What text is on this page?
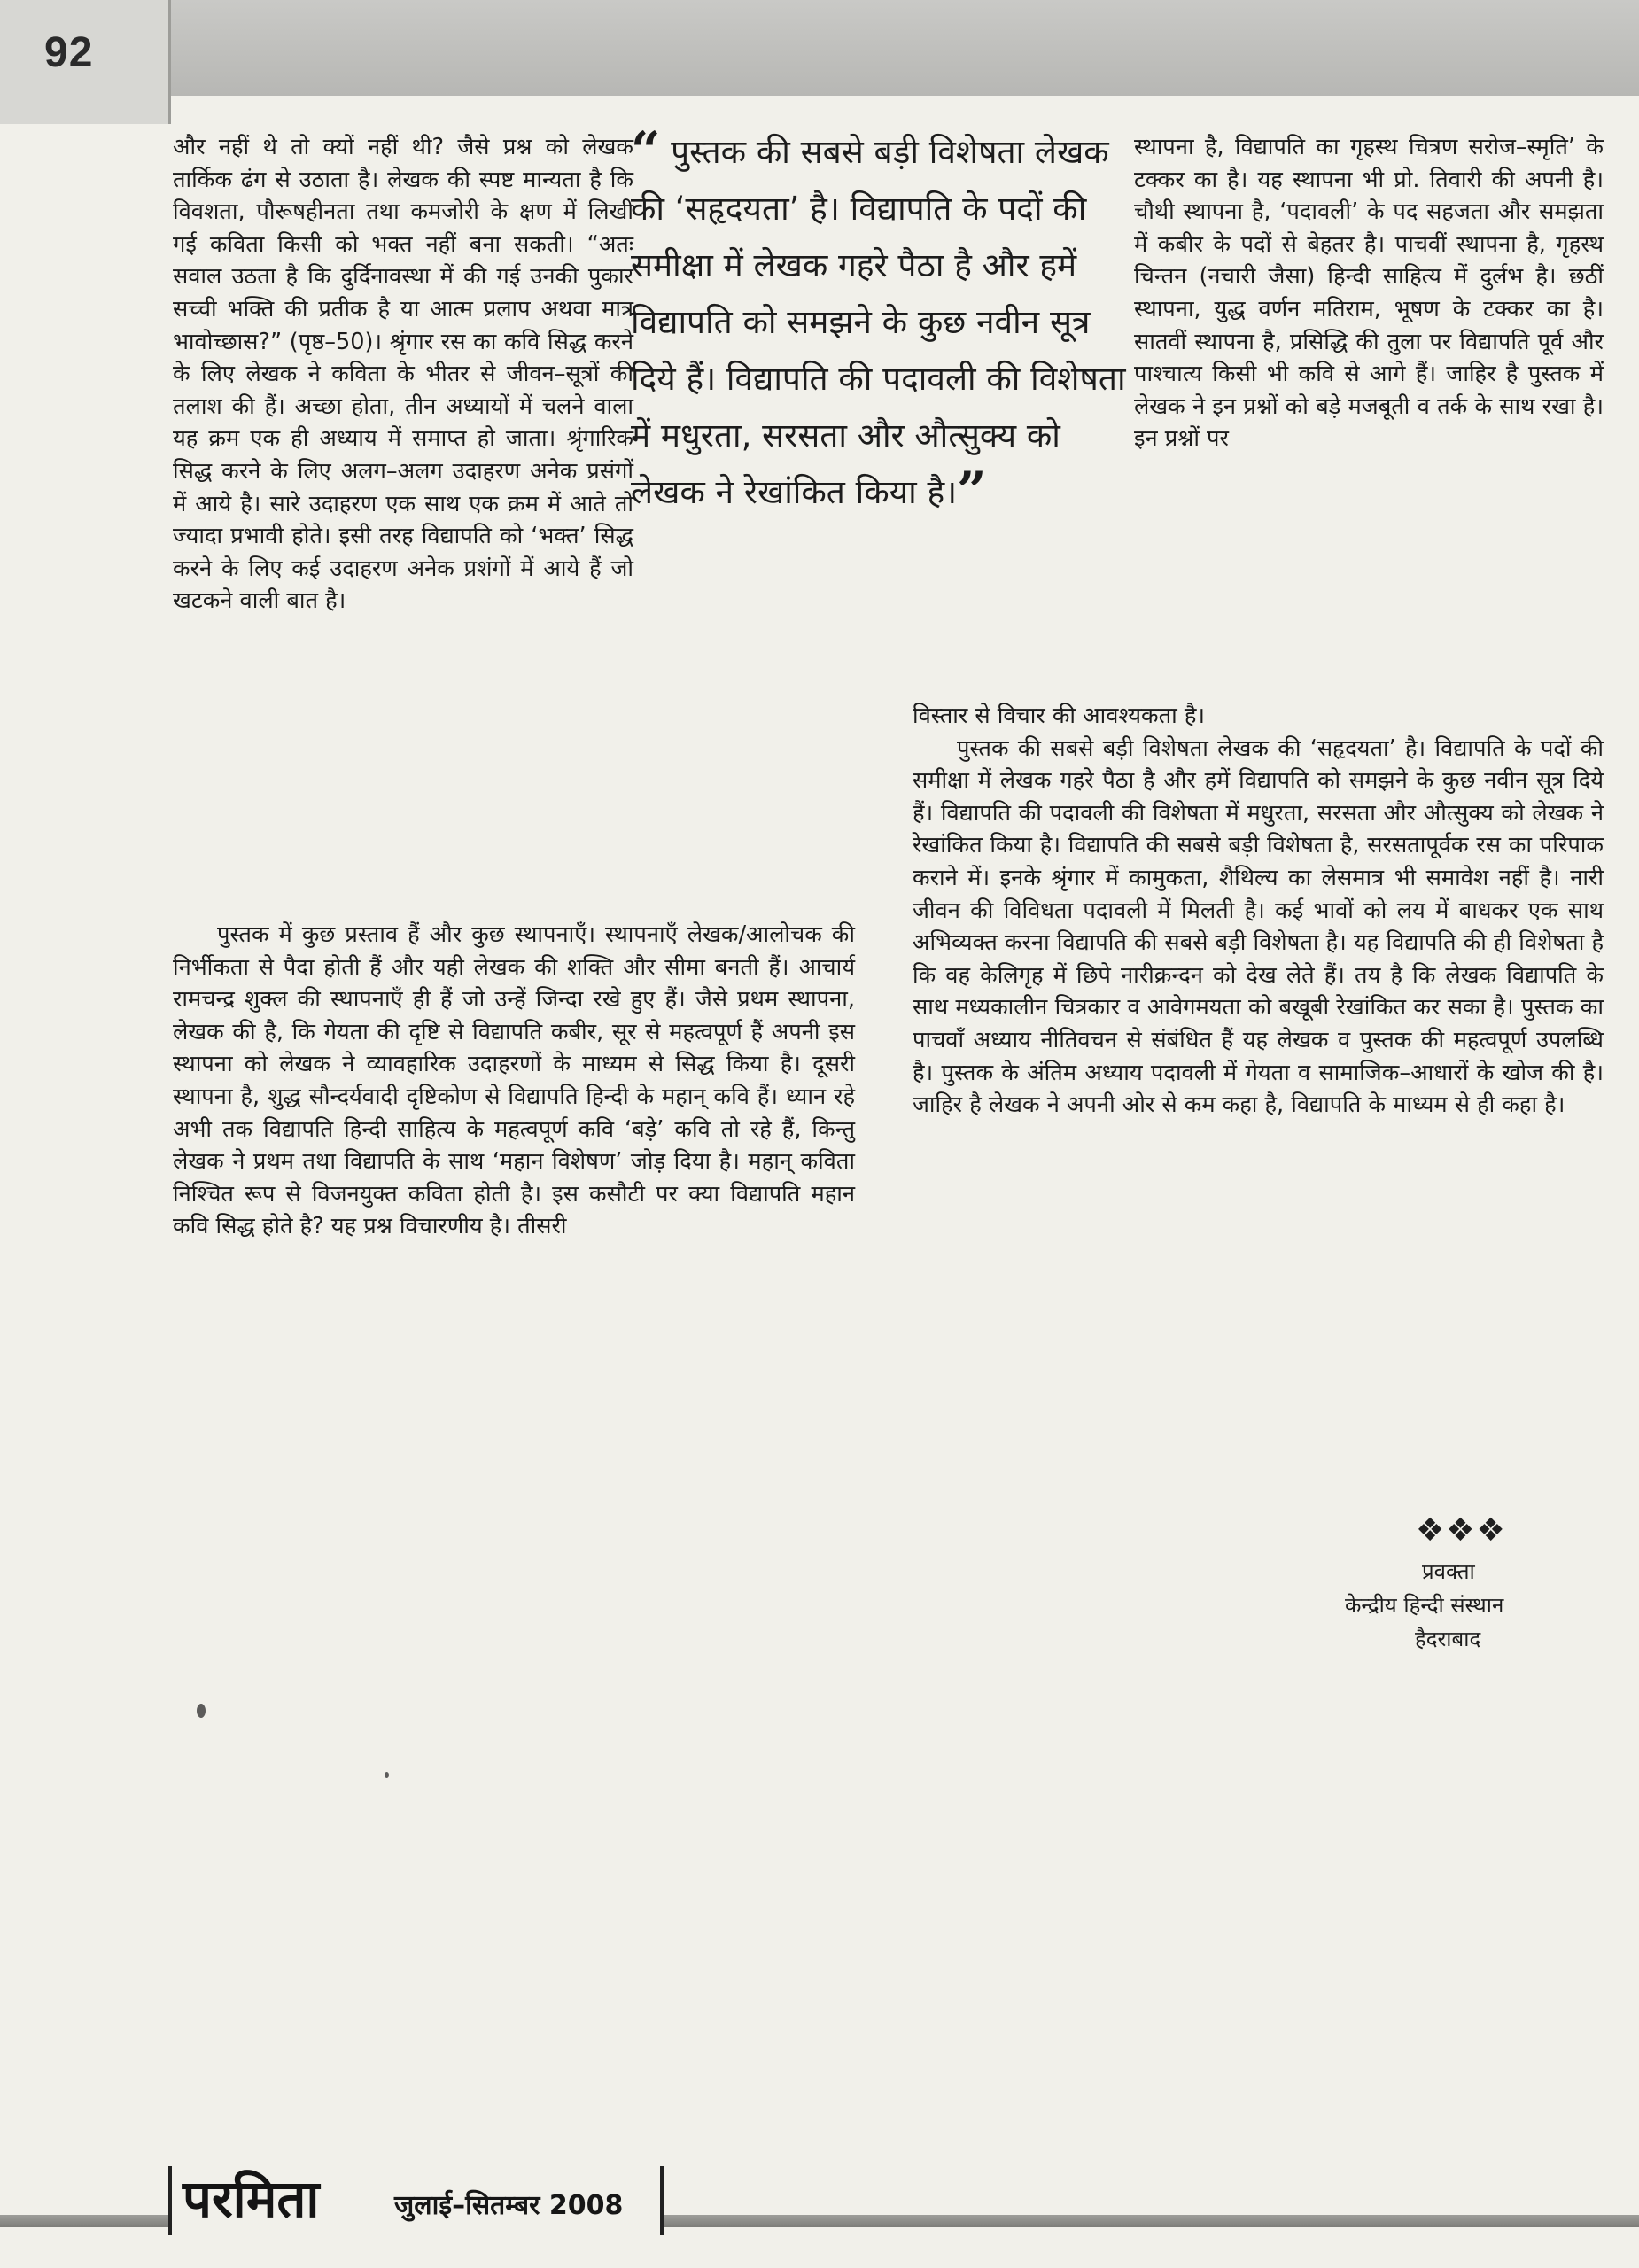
92

और नहीं थे तो क्यों नहीं थी? जैसे प्रश्न को लेखक तार्किक ढंग से उठाता है। लेखक की स्पष्ट मान्यता है कि विवशता, पौरूषहीनता तथा कमजोरी के क्षण में लिखी गई कविता किसी को भक्त नहीं बना सकती। “अतः सवाल उठता है कि दुर्दिनावस्था में की गई उनकी पुकार सच्ची भक्ति की प्रतीक है या आत्म प्रलाप अथवा मात्र भावोच्छास?” (पृष्ठ–50)। श्रृंगार रस का कवि सिद्ध करने के लिए लेखक ने कविता के भीतर से जीवन–सूत्रों की तलाश की हैं। अच्छा होता, तीन अध्यायों में चलने वाला यह क्रम एक ही अध्याय में समाप्त हो जाता। श्रृंगारिक सिद्ध करने के लिए अलग–अलग उदाहरण अनेक प्रसंगों में आये है। सारे उदाहरण एक साथ एक क्रम में आते तो ज्यादा प्रभावी होते। इसी तरह विद्यापति को ‘भक्त’ सिद्ध करने के लिए कई उदाहरण अनेक प्रशंगों में आये हैं जो खटकने वाली बात है।

पुस्तक में कुछ प्रस्ताव हैं और कुछ स्थापनाएँ। स्थापनाएँ लेखक/आलोचक की निर्भीकता से पैदा होती हैं और यही लेखक की शक्ति और सीमा बनती हैं। आचार्य रामचन्द्र शुक्ल की स्थापनाएँ ही हैं जो उन्हें जिन्दा रखे हुए हैं। जैसे प्रथम स्थापना, लेखक की है, कि गेयता की दृष्टि से विद्यापति कबीर, सूर से महत्वपूर्ण हैं अपनी इस स्थापना को लेखक ने व्यावहारिक उदाहरणों के माध्यम से सिद्ध किया है। दूसरी स्थापना है, शुद्ध सौन्दर्यवादी दृष्टिकोण से विद्यापति हिन्दी के महान् कवि हैं। ध्यान रहे अभी तक विद्यापति हिन्दी साहित्य के महत्वपूर्ण कवि ‘बड़े’ कवि तो रहे हैं, किन्तु लेखक ने प्रथम तथा विद्यापति के साथ ‘महान विशेषण’ जोड़ दिया है। महान् कविता निश्चित रूप से विजनयुक्त कविता होती है। इस कसौटी पर क्या विद्यापति महान कवि सिद्ध होते है? यह प्रश्न विचारणीय है। तीसरी

“ पुस्तक की सबसे बड़ी विशेषता लेखक की ‘सहृदयता’ है। विद्यापति के पदों की समीक्षा में लेखक गहरे पैठा है और हमें विद्यापति को समझने के कुछ नवीन सूत्र दिये हैं। विद्यापति की पदावली की विशेषता में मधुरता, सरसता और औत्सुक्य को लेखक ने रेखांकित किया है।”

स्थापना है, विद्यापति का गृहस्थ चित्रण सरोज–स्मृति’ के टक्कर का है। यह स्थापना भी प्रो. तिवारी की अपनी है। चौथी स्थापना है, ‘पदावली’ के पद सहजता और समझता में कबीर के पदों से बेहतर है। पाचवीं स्थापना है, गृहस्थ चिन्तन (नचारी जैसा) हिन्दी साहित्य में दुर्लभ है। छठीं स्थापना, युद्ध वर्णन मतिराम, भूषण के टक्कर का है। सातवीं स्थापना है, प्रसिद्धि की तुला पर विद्यापति पूर्व और पाश्चात्य किसी भी कवि से आगे हैं। जाहिर है पुस्तक में लेखक ने इन प्रश्नों को बड़े मजबूती व तर्क के साथ रखा है। इन प्रश्नों पर

विस्तार से विचार की आवश्यकता है।

पुस्तक की सबसे बड़ी विशेषता लेखक की ‘सहृदयता’ है। विद्यापति के पदों की समीक्षा में लेखक गहरे पैठा है और हमें विद्यापति को समझने के कुछ नवीन सूत्र दिये हैं। विद्यापति की पदावली की विशेषता में मधुरता, सरसता और औत्सुक्य को लेखक ने रेखांकित किया है। विद्यापति की सबसे बड़ी विशेषता है, सरसतापूर्वक रस का परिपाक कराने में। इनके श्रृंगार में कामुकता, शैथिल्य का लेसमात्र भी समावेश नहीं है। नारी जीवन की विविधता पदावली में मिलती है। कई भावों को लय में बाधकर एक साथ अभिव्यक्त करना विद्यापति की सबसे बड़ी विशेषता है। यह विद्यापति की ही विशेषता है कि वह केलिगृह में छिपे नारीक्रन्दन को देख लेते हैं। तय है कि लेखक विद्यापति के साथ मध्यकालीन चित्रकार व आवेगमयता को बखूबी रेखांकित कर सका है। पुस्तक का पाचवाँ अध्याय नीतिवचन से संबंधित हैं यह लेखक व पुस्तक की महत्वपूर्ण उपलब्धि है। पुस्तक के अंतिम अध्याय पदावली में गेयता व सामाजिक–आधारों के खोज की है। जाहिर है लेखक ने अपनी ओर से कम कहा है, विद्यापति के माध्यम से ही कहा है।

❖❖❖
प्रवक्ता
केन्द्रीय हिन्दी संस्थान
हैदराबाद
परमिता	जुलाई–सितम्बर 2008
